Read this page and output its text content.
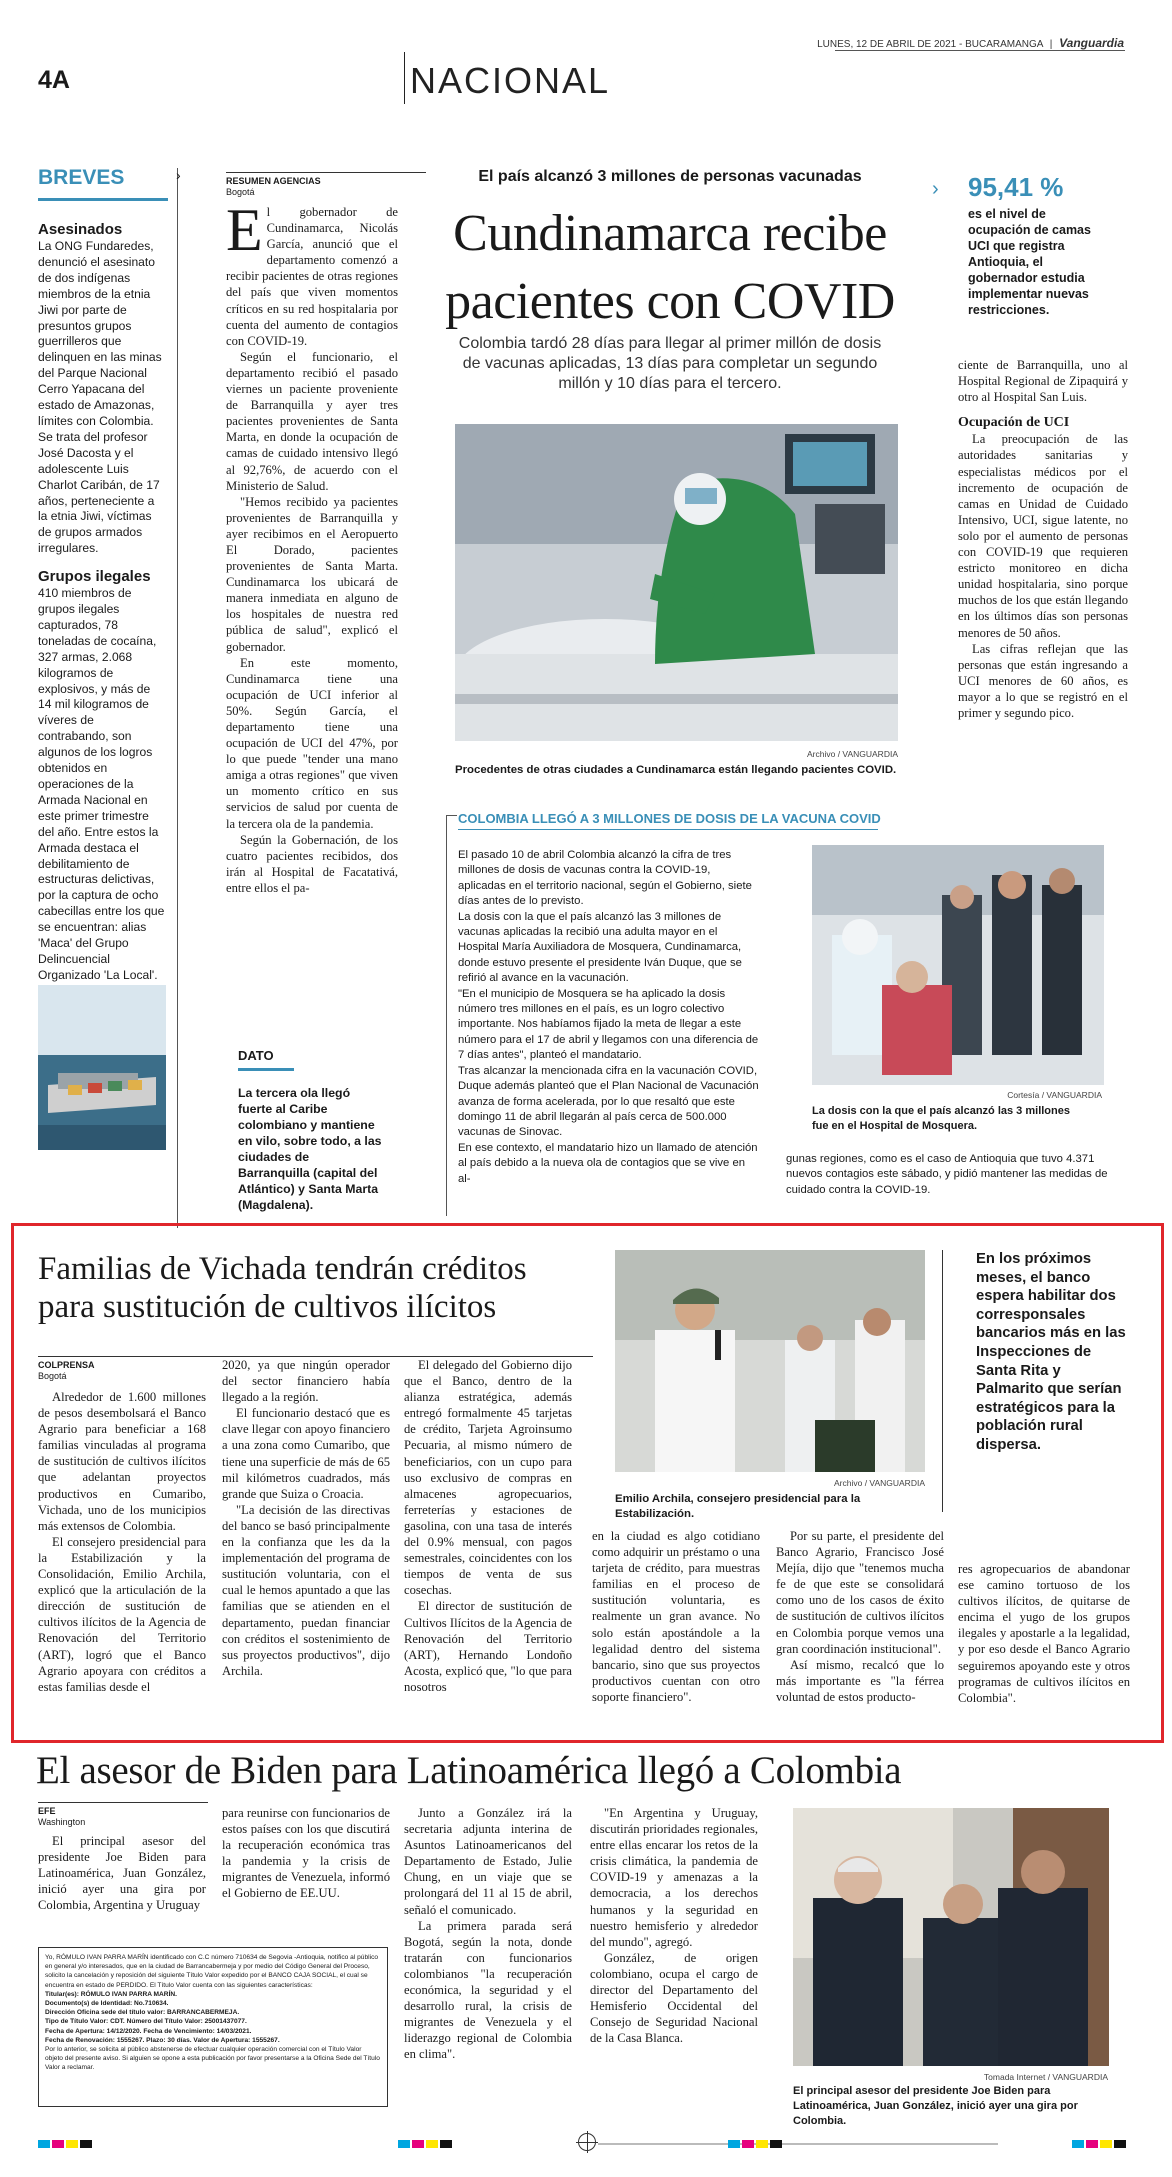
4A	NACIONAL
LUNES, 12 DE ABRIL DE 2021 - BUCARAMANGA | Vanguardia
BREVES	›
Asesinados

La ONG Fundaredes, denunció el asesinato de dos indígenas miembros de la etnia Jiwi por parte de presuntos grupos guerrilleros que delinquen en las minas del Parque Nacional Cerro Yapacana del estado de Amazonas, límites con Colombia. Se trata del profesor José Dacosta y el adolescente Luis Charlot Caribán, de 17 años, perteneciente a la etnia Jiwi, víctimas de grupos armados irregulares.

Grupos ilegales

410 miembros de grupos ilegales capturados, 78 toneladas de cocaína, 327 armas, 2.068 kilogramos de explosivos, y más de 14 mil kilogramos de víveres de contrabando, son algunos de los logros obtenidos en operaciones de la Armada Nacional en este primer trimestre del año. Entre estos la Armada destaca el debilitamiento de estructuras delictivas, por la captura de ocho cabecillas entre los que se encuentran: alias 'Maca' del Grupo Delincuencial Organizado 'La Local'.

RESUMEN AGENCIAS
Bogotá
El país alcanzó 3 millones de personas vacunadas
Cundinamarca recibe
pacientes con COVID
Colombia tardó 28 días para llegar al primer millón de dosis de vacunas aplicadas, 13 días para completar un segundo millón y 10 días para el tercero.

El gobernador de Cundinamarca, Nicolás García, anunció que el departamento comenzó a recibir pacientes de otras regiones del país que viven momentos críticos en su red hospitalaria por cuenta del aumento de contagios con COVID-19.

Según el funcionario, el departamento recibió el pasado viernes un paciente proveniente de Barranquilla y ayer tres pacientes provenientes de Santa Marta, en donde la ocupación de camas de cuidado intensivo llegó al 92,76%, de acuerdo con el Ministerio de Salud.

"Hemos recibido ya pacientes provenientes de Barranquilla y ayer recibimos en el Aeropuerto El Dorado, pacientes provenientes de Santa Marta. Cundinamarca los ubicará de manera inmediata en alguno de los hospitales de nuestra red pública de salud", explicó el gobernador.

En este momento, Cundinamarca tiene una ocupación de UCI inferior al 50%. Según García, el departamento tiene una ocupación de UCI del 47%, por lo que puede "tender una mano amiga a otras regiones" que viven un momento crítico en sus servicios de salud por cuenta de la tercera ola de la pandemia.

Según la Gobernación, de los cuatro pacientes recibidos, dos irán al Hospital de Facatativá, entre ellos el pa-

Archivo / VANGUARDIA
Procedentes de otras ciudades a Cundinamarca están llegando pacientes COVID.
95,41 %
es el nivel de ocupación de camas UCI que registra Antioquia, el gobernador estudia implementar nuevas restricciones.
›

ciente de Barranquilla, uno al Hospital Regional de Zipaquirá y otro al Hospital San Luis.

Ocupación de UCI

La preocupación de las autoridades sanitarias y especialistas médicos por el incremento de ocupación de camas en Unidad de Cuidado Intensivo, UCI, sigue latente, no solo por el aumento de personas con COVID-19 que requieren estricto monitoreo en dicha unidad hospitalaria, sino porque muchos de los que están llegando en los últimos días son personas menores de 50 años.

Las cifras reflejan que las personas que están ingresando a UCI menores de 60 años, es mayor a lo que se registró en el primer y segundo pico.

DATO
La tercera ola llegó fuerte al Caribe colombiano y mantiene en vilo, sobre todo, a las ciudades de Barranquilla (capital del Atlántico) y Santa Marta (Magdalena).
COLOMBIA LLEGÓ A 3 MILLONES DE DOSIS DE LA VACUNA COVID

El pasado 10 de abril Colombia alcanzó la cifra de tres millones de dosis de vacunas contra la COVID-19, aplicadas en el territorio nacional, según el Gobierno, siete días antes de lo previsto.

La dosis con la que el país alcanzó las 3 millones de vacunas aplicadas la recibió una adulta mayor en el Hospital María Auxiliadora de Mosquera, Cundinamarca, donde estuvo presente el presidente Iván Duque, que se refirió al avance en la vacunación.

"En el municipio de Mosquera se ha aplicado la dosis número tres millones en el país, es un logro colectivo importante. Nos habíamos fijado la meta de llegar a este número para el 17 de abril y llegamos con una diferencia de 7 días antes", planteó el mandatario.

Tras alcanzar la mencionada cifra en la vacunación COVID, Duque además planteó que el Plan Nacional de Vacunación avanza de forma acelerada, por lo que resaltó que este domingo 11 de abril llegarán al país cerca de 500.000 vacunas de Sinovac.

En ese contexto, el mandatario hizo un llamado de atención al país debido a la nueva ola de contagios que se vive en al-

Cortesía / VANGUARDIA
La dosis con la que el país alcanzó las 3 millones fue en el Hospital de Mosquera.

gunas regiones, como es el caso de Antioquia que tuvo 4.371 nuevos contagios este sábado, y pidió mantener las medidas de cuidado contra la COVID-19.

Familias de Vichada tendrán créditos
para sustitución de cultivos ilícitos
COLPRENSA
Bogotá

Alrededor de 1.600 millones de pesos desembolsará el Banco Agrario para beneficiar a 168 familias vinculadas al programa de sustitución de cultivos ilícitos que adelantan proyectos productivos en Cumaribo, Vichada, uno de los municipios más extensos de Colombia.

El consejero presidencial para la Estabilización y la Consolidación, Emilio Archila, explicó que la articulación de la dirección de sustitución de cultivos ilícitos de la Agencia de Renovación del Territorio (ART), logró que el Banco Agrario apoyara con créditos a estas familias desde el

2020, ya que ningún operador del sector financiero había llegado a la región.

El funcionario destacó que es clave llegar con apoyo financiero a una zona como Cumaribo, que tiene una superficie de más de 65 mil kilómetros cuadrados, más grande que Suiza o Croacia.

"La decisión de las directivas del banco se basó principalmente en la confianza que les da la implementación del programa de sustitución voluntaria, con el cual le hemos apuntado a que las familias que se atienden en el departamento, puedan financiar con créditos el sostenimiento de sus proyectos productivos", dijo Archila.

El delegado del Gobierno dijo que el Banco, dentro de la alianza estratégica, además entregó formalmente 45 tarjetas de crédito, Tarjeta Agroinsumo Pecuaria, al mismo número de beneficiarios, con un cupo para uso exclusivo de compras en almacenes agropecuarios, ferreterías y estaciones de gasolina, con una tasa de interés del 0.9% mensual, con pagos semestrales, coincidentes con los tiempos de venta de sus cosechas.

El director de sustitución de Cultivos Ilícitos de la Agencia de Renovación del Territorio (ART), Hernando Londoño Acosta, explicó que, "lo que para nosotros

Archivo / VANGUARDIA
Emilio Archila, consejero presidencial para la Estabilización.

en la ciudad es algo cotidiano como adquirir un préstamo o una tarjeta de crédito, para muestras familias en el proceso de sustitución voluntaria, es realmente un gran avance. No solo están apostándole a la legalidad dentro del sistema bancario, sino que sus proyectos productivos cuentan con otro soporte financiero".

Por su parte, el presidente del Banco Agrario, Francisco José Mejía, dijo que "tenemos mucha fe de que este se consolidará como uno de los casos de éxito de sustitución de cultivos ilícitos en Colombia porque vemos una gran coordinación institucional".

Así mismo, recalcó que lo más importante es "la férrea voluntad de estos producto-

En los próximos meses, el banco espera habilitar dos corresponsales bancarios más en las Inspecciones de Santa Rita y Palmarito que serían estratégicos para la población rural dispersa.

res agropecuarios de abandonar ese camino tortuoso de los cultivos ilícitos, de quitarse de encima el yugo de los grupos ilegales y apostarle a la legalidad, y por eso desde el Banco Agrario seguiremos apoyando este y otros programas de cultivos ilícitos en Colombia".

El asesor de Biden para Latinoamérica llegó a Colombia
EFE
Washington

El principal asesor del presidente Joe Biden para Latinoamérica, Juan González, inició ayer una gira por Colombia, Argentina y Uruguay

para reunirse con funcionarios de estos países con los que discutirá la recuperación económica tras la pandemia y la crisis de migrantes de Venezuela, informó el Gobierno de EE.UU.

Junto a González irá la secretaria adjunta interina de Asuntos Latinoamericanos del Departamento de Estado, Julie Chung, en un viaje que se prolongará del 11 al 15 de abril, señaló el comunicado.

La primera parada será Bogotá, según la nota, donde tratarán con funcionarios colombianos "la recuperación económica, la seguridad y el desarrollo rural, la crisis de migrantes de Venezuela y el liderazgo regional de Colombia en clima".

"En Argentina y Uruguay, discutirán prioridades regionales, entre ellas encarar los retos de la crisis climática, la pandemia de COVID-19 y amenazas a la democracia, a los derechos humanos y la seguridad en nuestro hemisferio y alrededor del mundo", agregó.

González, de origen colombiano, ocupa el cargo de director del Departamento del Hemisferio Occidental del Consejo de Seguridad Nacional de la Casa Blanca.

Tomada Internet / VANGUARDIA
El principal asesor del presidente Joe Biden para Latinoamérica, Juan González, inició ayer una gira por Colombia.
Yo, RÓMULO IVAN PARRA MARÍN identificado con C.C número 710634 de Segovia -Antioquia, notifico al público en general y/o interesados, que en la ciudad de Barrancabermeja y por medio del Código General del Proceso, solicito la cancelación y reposición del siguiente Título Valor expedido por el BANCO CAJA SOCIAL, el cual se encuentra en estado de PERDIDO. El Título Valor cuenta con las siguientes características:
Titular(es): RÓMULO IVAN PARRA MARÍN.
Documento(s) de Identidad: No.710634.
Dirección Oficina sede del título valor: BARRANCABERMEJA.
Tipo de Título Valor: CDT. Número del Título Valor: 25001437077.
Fecha de Apertura: 14/12/2020. Fecha de Vencimiento: 14/03/2021.
Fecha de Renovación: 1555267. Plazo: 30 días. Valor de Apertura: 1555267.
Por lo anterior, se solicita al público abstenerse de efectuar cualquier operación comercial con el Título Valor objeto del presente aviso. Si alguien se opone a esta publicación por favor presentarse a la Oficina Sede del Título Valor a reclamar.
